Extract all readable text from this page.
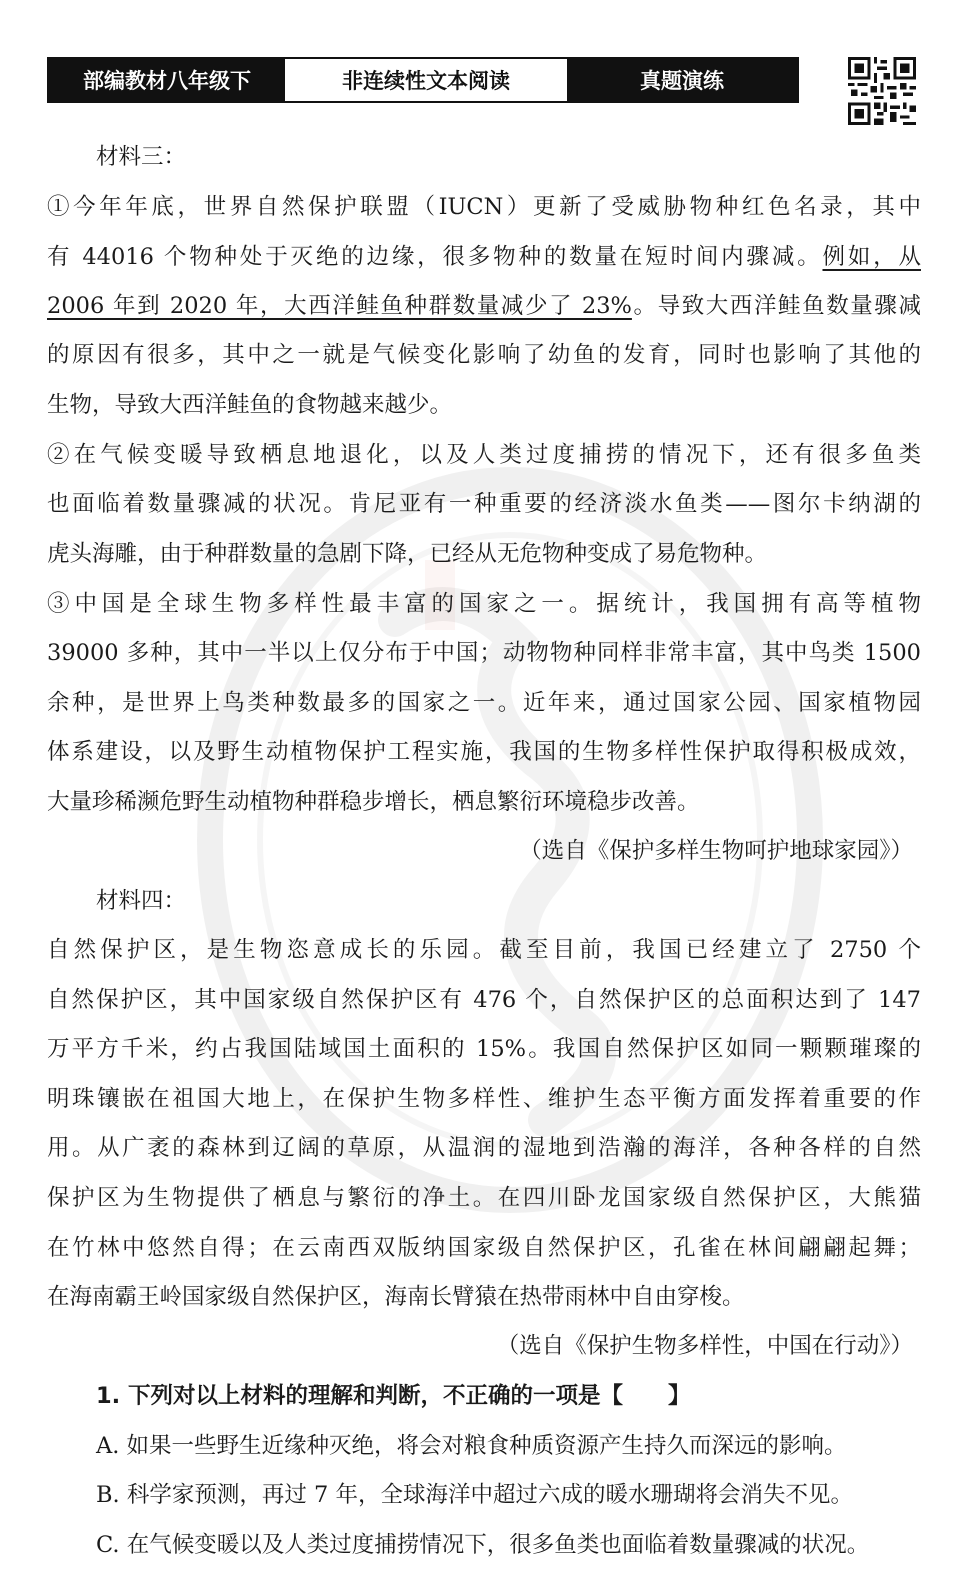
部编教材八年级下	非连续性文本阅读	真题演练
材料三：
①今年年底，世界自然保护联盟（IUCN）更新了受威胁物种红色名录，其中
有 44016 个物种处于灭绝的边缘，很多物种的数量在短时间内骤减。例如，从
2006 年到 2020 年，大西洋鲑鱼种群数量减少了 23%。导致大西洋鲑鱼数量骤减
的原因有很多，其中之一就是气候变化影响了幼鱼的发育，同时也影响了其他的
生物，导致大西洋鲑鱼的食物越来越少。
②在气候变暖导致栖息地退化，以及人类过度捕捞的情况下，还有很多鱼类
也面临着数量骤减的状况。肯尼亚有一种重要的经济淡水鱼类——图尔卡纳湖的
虎头海雕，由于种群数量的急剧下降，已经从无危物种变成了易危物种。
③中国是全球生物多样性最丰富的国家之一。据统计，我国拥有高等植物
39000 多种，其中一半以上仅分布于中国；动物物种同样非常丰富，其中鸟类 1500
余种，是世界上鸟类种数最多的国家之一。近年来，通过国家公园、国家植物园
体系建设，以及野生动植物保护工程实施，我国的生物多样性保护取得积极成效，
大量珍稀濒危野生动植物种群稳步增长，栖息繁衍环境稳步改善。
（选自《保护多样生物呵护地球家园》）
材料四：
自然保护区，是生物恣意成长的乐园。截至目前，我国已经建立了 2750 个
自然保护区，其中国家级自然保护区有 476 个，自然保护区的总面积达到了 147
万平方千米，约占我国陆域国土面积的 15%。我国自然保护区如同一颗颗璀璨的
明珠镶嵌在祖国大地上，在保护生物多样性、维护生态平衡方面发挥着重要的作
用。从广袤的森林到辽阔的草原，从温润的湿地到浩瀚的海洋，各种各样的自然
保护区为生物提供了栖息与繁衍的净土。在四川卧龙国家级自然保护区，大熊猫
在竹林中悠然自得；在云南西双版纳国家级自然保护区，孔雀在林间翩翩起舞；
在海南霸王岭国家级自然保护区，海南长臂猿在热带雨林中自由穿梭。
（选自《保护生物多样性，中国在行动》）
1. 下列对以上材料的理解和判断，不正确的一项是【　　】
A. 如果一些野生近缘种灭绝，将会对粮食种质资源产生持久而深远的影响。
B. 科学家预测，再过 7 年，全球海洋中超过六成的暖水珊瑚将会消失不见。
C. 在气候变暖以及人类过度捕捞情况下，很多鱼类也面临着数量骤减的状况。
